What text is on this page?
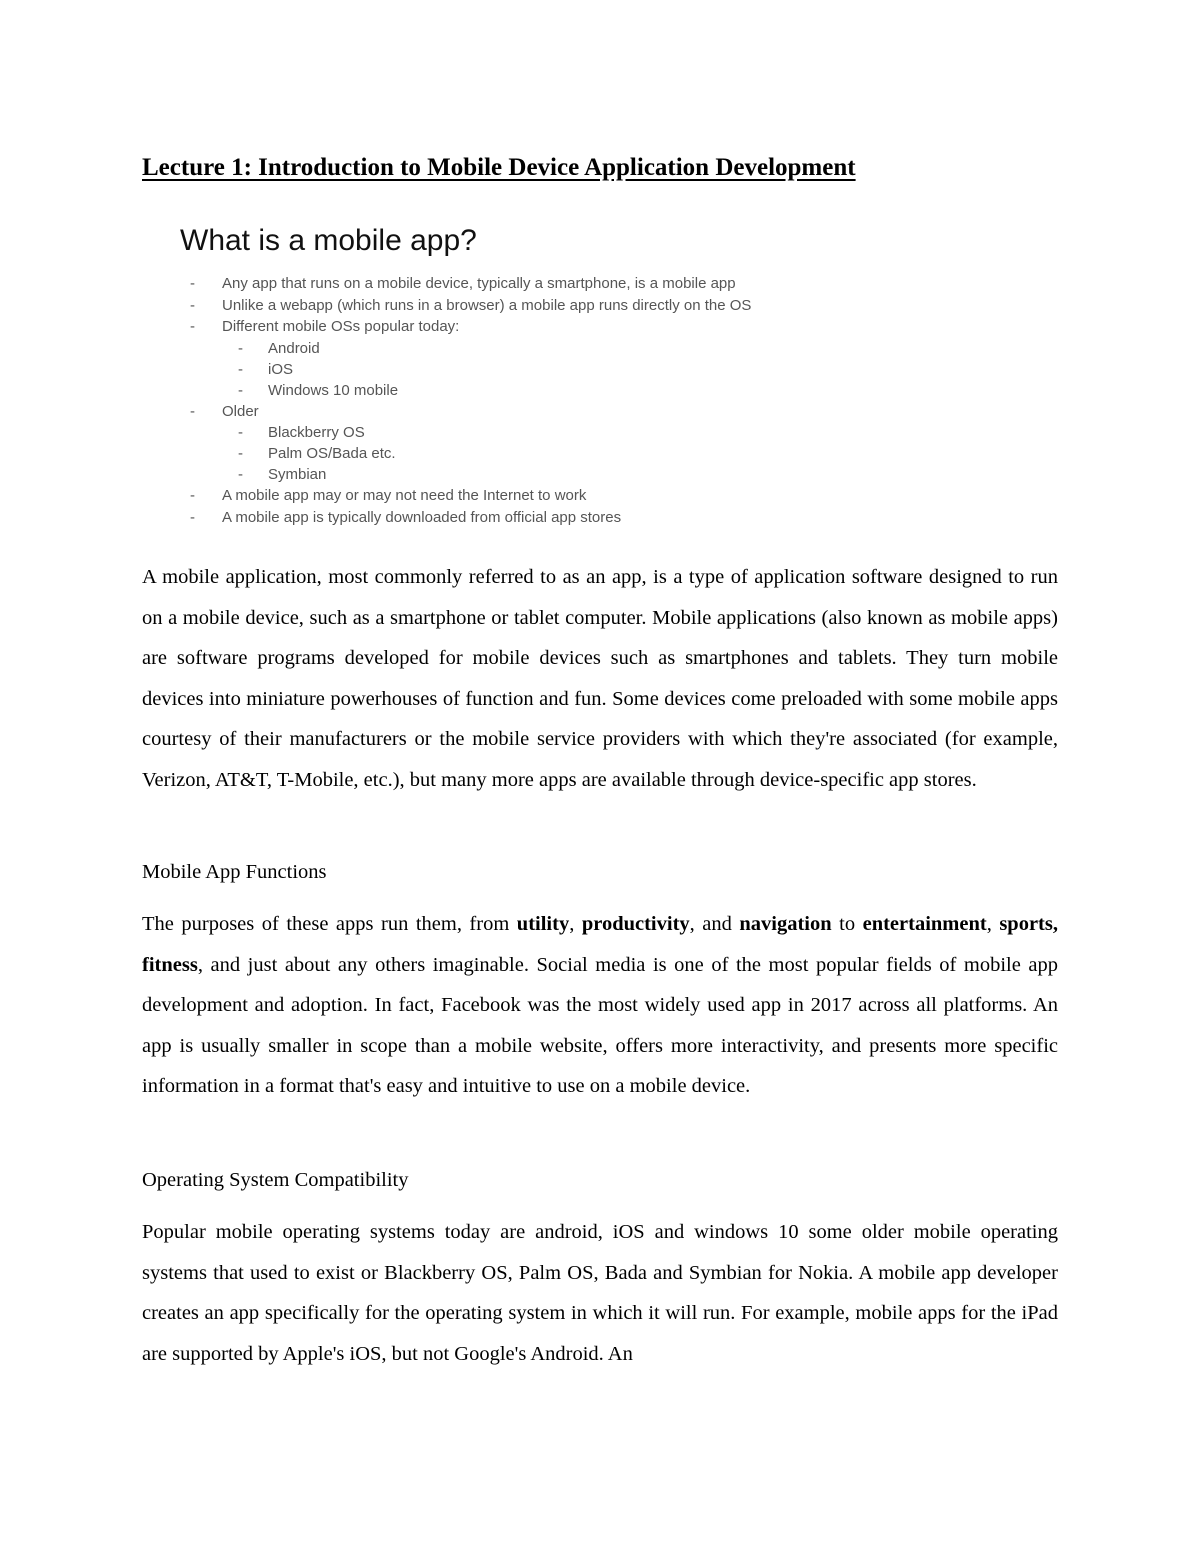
Lecture 1: Introduction to Mobile Device Application Development
What is a mobile app?
- Any app that runs on a mobile device, typically a smartphone, is a mobile app
- Unlike a webapp (which runs in a browser) a mobile app runs directly on the OS
- Different mobile OSs popular today:
- Android
- iOS
- Windows 10 mobile
- Older
- Blackberry OS
- Palm OS/Bada etc.
- Symbian
- A mobile app may or may not need the Internet to work
- A mobile app is typically downloaded from official app stores
A mobile application, most commonly referred to as an app, is a type of application software designed to run on a mobile device, such as a smartphone or tablet computer. Mobile applications (also known as mobile apps) are software programs developed for mobile devices such as smartphones and tablets. They turn mobile devices into miniature powerhouses of function and fun. Some devices come preloaded with some mobile apps courtesy of their manufacturers or the mobile service providers with which they're associated (for example, Verizon, AT&T, T-Mobile, etc.), but many more apps are available through device-specific app stores.
Mobile App Functions
The purposes of these apps run them, from utility, productivity, and navigation to entertainment, sports, fitness, and just about any others imaginable. Social media is one of the most popular fields of mobile app development and adoption. In fact, Facebook was the most widely used app in 2017 across all platforms. An app is usually smaller in scope than a mobile website, offers more interactivity, and presents more specific information in a format that's easy and intuitive to use on a mobile device.
Operating System Compatibility
Popular mobile operating systems today are android, iOS and windows 10 some older mobile operating systems that used to exist or Blackberry OS, Palm OS, Bada and Symbian for Nokia. A mobile app developer creates an app specifically for the operating system in which it will run. For example, mobile apps for the iPad are supported by Apple's iOS, but not Google's Android. An
